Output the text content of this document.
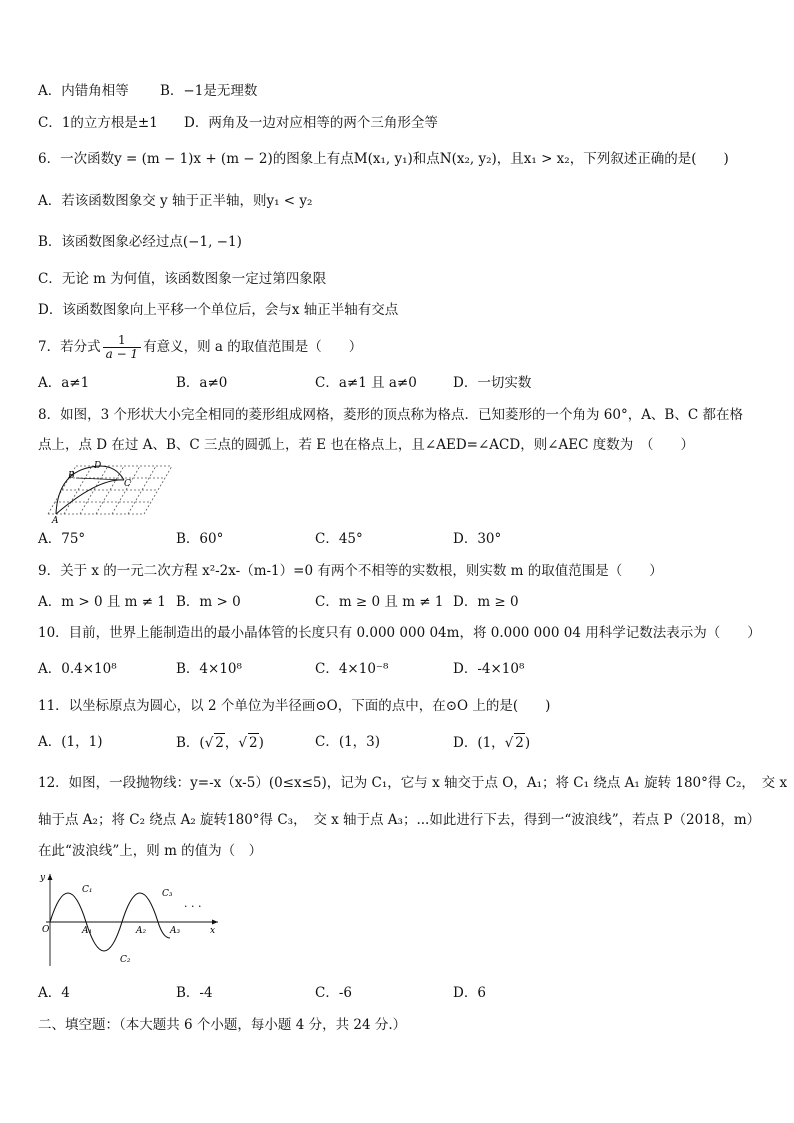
A．内错角相等 B．−1是无理数
C．1的立方根是±1 D．两角及一边对应相等的两个三角形全等
6．一次函数y = (m − 1)x + (m − 2)的图象上有点M(x₁, y₁)和点N(x₂, y₂)，且x₁ > x₂，下列叙述正确的是(　　)
A．若该函数图象交 y 轴于正半轴，则y₁ < y₂
B．该函数图象必经过点(−1, −1)
C．无论 m 为何值，该函数图象一定过第四象限
D．该函数图象向上平移一个单位后，会与x 轴正半轴有交点
7．若分式 $\frac{1}{a - 1}$ 有意义，则 a 的取值范围是（　　）
A．a≠1	B．a≠0	C．a≠1 且 a≠0	D．一切实数
8．如图，3 个形状大小完全相同的菱形组成网格，菱形的顶点称为格点．已知菱形的一个角为 60°，A、B、C 都在格
点上，点 D 在过 A、B、C 三点的圆弧上，若 E 也在格点上，且∠AED=∠ACD，则∠AEC 度数为　（　　）
A
B
C
D
A．75°	B．60°	C．45°	D．30°
9．关于 x 的一元二次方程 x²-2x-（m-1）=0 有两个不相等的实数根，则实数 m 的取值范围是（　　）
A．m > 0 且 m ≠ 1 B．m > 0	C．m ≥ 0 且 m ≠ 1 D．m ≥ 0
10．目前，世界上能制造出的最小晶体管的长度只有 0.000 000 04m，将 0.000 000 04 用科学记数法表示为（　　）
A．0.4×10⁸	B．4×10⁸	C．4×10⁻⁸	D．-4×10⁸
11．以坐标原点为圆心，以 2 个单位为半径画⊙O，下面的点中，在⊙O 上的是(　　)
A．(1，1)	B．(√ 2，√ 2)	C．(1，3)	D．(1，√ 2)
12．如图，一段抛物线：y=-x（x-5）(0≤x≤5)，记为 C₁，它与 x 轴交于点 O，A₁；将 C₁ 绕点 A₁ 旋转 180°得 C₂，　交 x
轴于点 A₂；将 C₂ 绕点 A₂ 旋转180°得 C₃，　交 x 轴于点 A₃；...如此进行下去，得到一“波浪线”，若点 P（2018，m）
在此“波浪线”上，则 m 的值为（　）
y
x
O
C₁
C₂
C₃
A₁	A₂	A₃
· · ·
A．4	B．-4	C．-6	D．6
二、填空题：（本大题共 6 个小题，每小题 4 分，共 24 分.）
